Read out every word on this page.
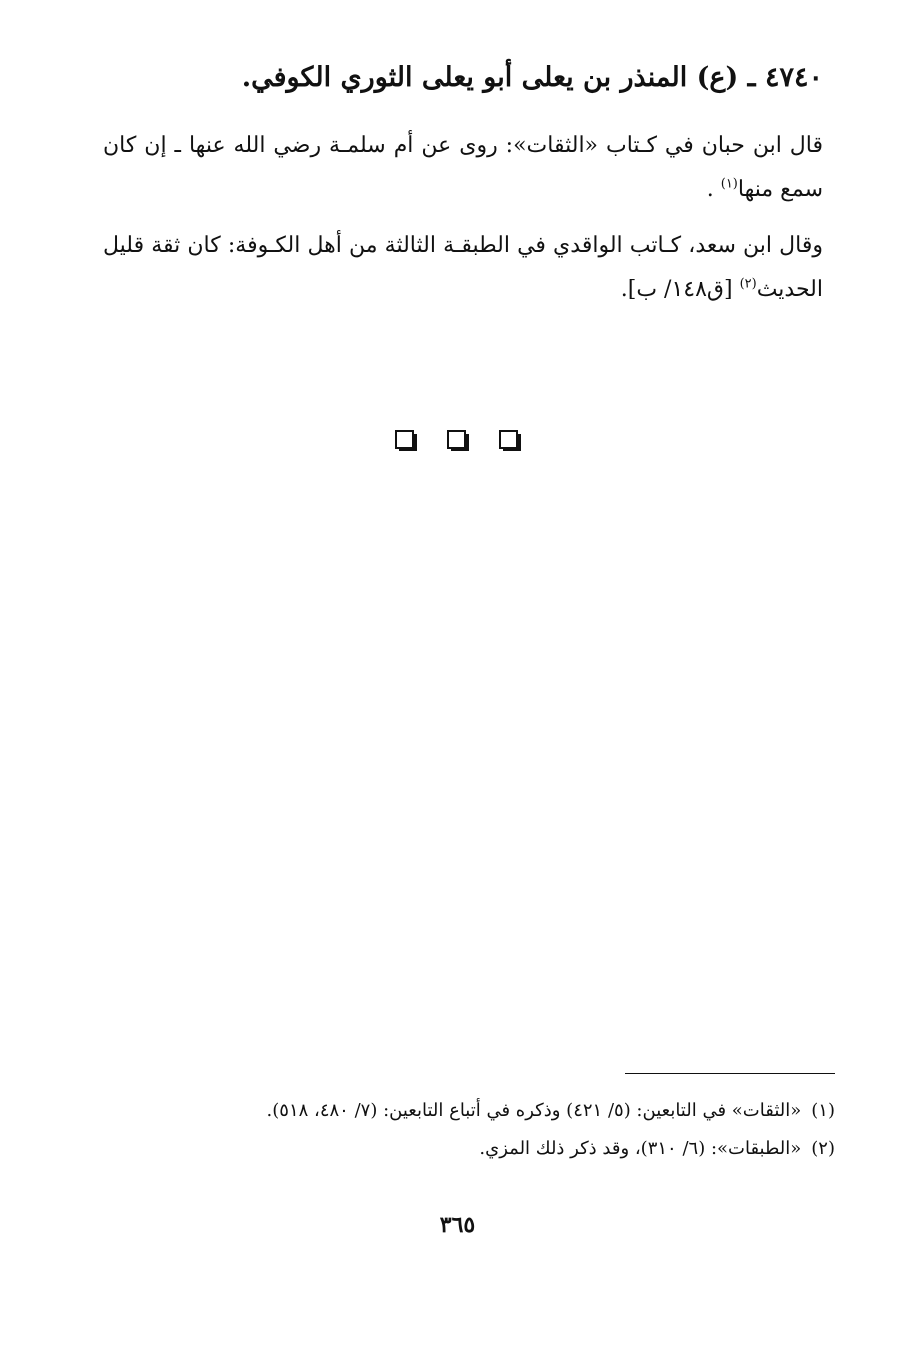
٤٧٤٠ ـ (ع) المنذر بن يعلى أبو يعلى الثوري الكوفي.

قال ابن حبان في كـتاب «الثقات»: روى عن أم سلمـة رضي الله عنها ـ إن كان سمع منها$^{(١)}$ .

وقال ابن سعد، كـاتب الواقدي في الطبقـة الثالثة من أهل الكـوفة: كان ثقة قليل الحديث$^{(٢)}$ [ق١٤٨/ ب].

(١)«الثقات» في التابعين: (٥/ ٤٢١) وذكره في أتباع التابعين: (٧/ ٤٨٠، ٥١٨).

(٢)«الطبقات»: (٦/ ٣١٠)، وقد ذكر ذلك المزي.

٣٦٥
